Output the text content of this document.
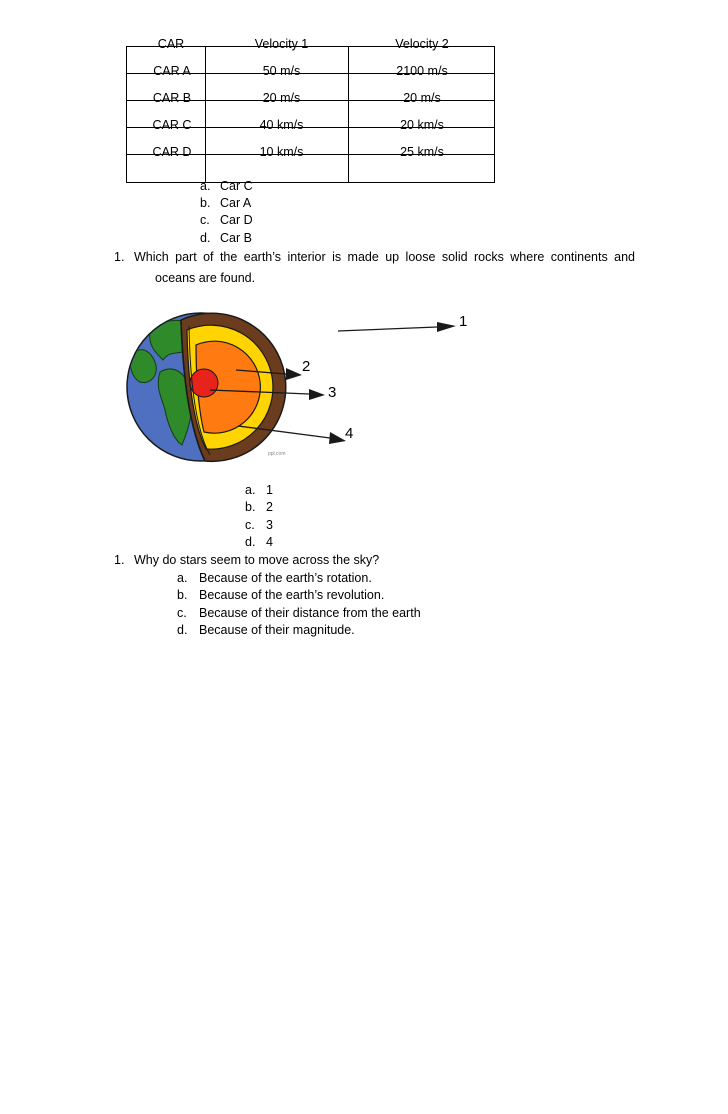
CAR	Velocity 1	Velocity 2
CAR A	50 m/s	2100 m/s
CAR B	20 m/s	20 m/s
CAR C	40 km/s	20 km/s
CAR D	10 km/s	25 km/s
a. Car C
b. Car A
c. Car D
d. Car B
1. Which part of the earth’s interior is made up loose solid rocks where continents and
oceans are found.
ppl.com
1
2
3
4
a. 1
b. 2
c. 3
d. 4
1. Why do stars seem to move across the sky?
a. Because of the earth’s rotation.
b. Because of the earth’s revolution.
c. Because of their distance from the earth
d. Because of their magnitude.
